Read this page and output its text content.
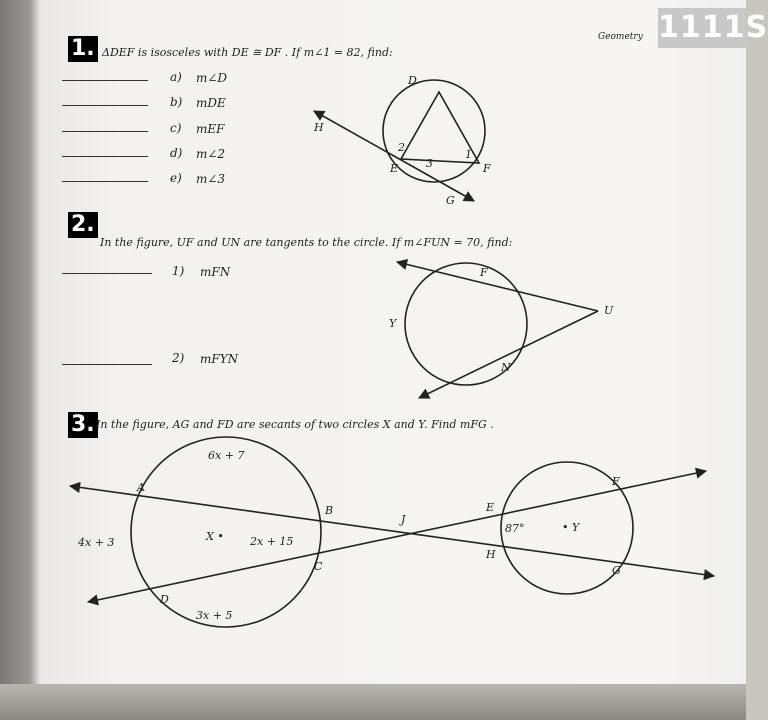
1111S
Geometry
1. ΔDEF is isosceles with DE ≅ DF . If m∠1 = 82, find:
a) m∠D
b) mDE
c) mEF
d) m∠2
e) m∠3
2.
In the figure, UF and UN are tangents to the circle. If m∠FUN = 70, find:
1) mFN
2) mFYN
3. In the figure, AG and FD are secants of two circles X and Y. Find mFG .
D
E	F
G
H
1
2
3
F
U
Y
N
A
B
C
D
E
F
G
H
J
X •
• Y
6x + 7
4x + 3	2x + 15
3x + 5
87°
